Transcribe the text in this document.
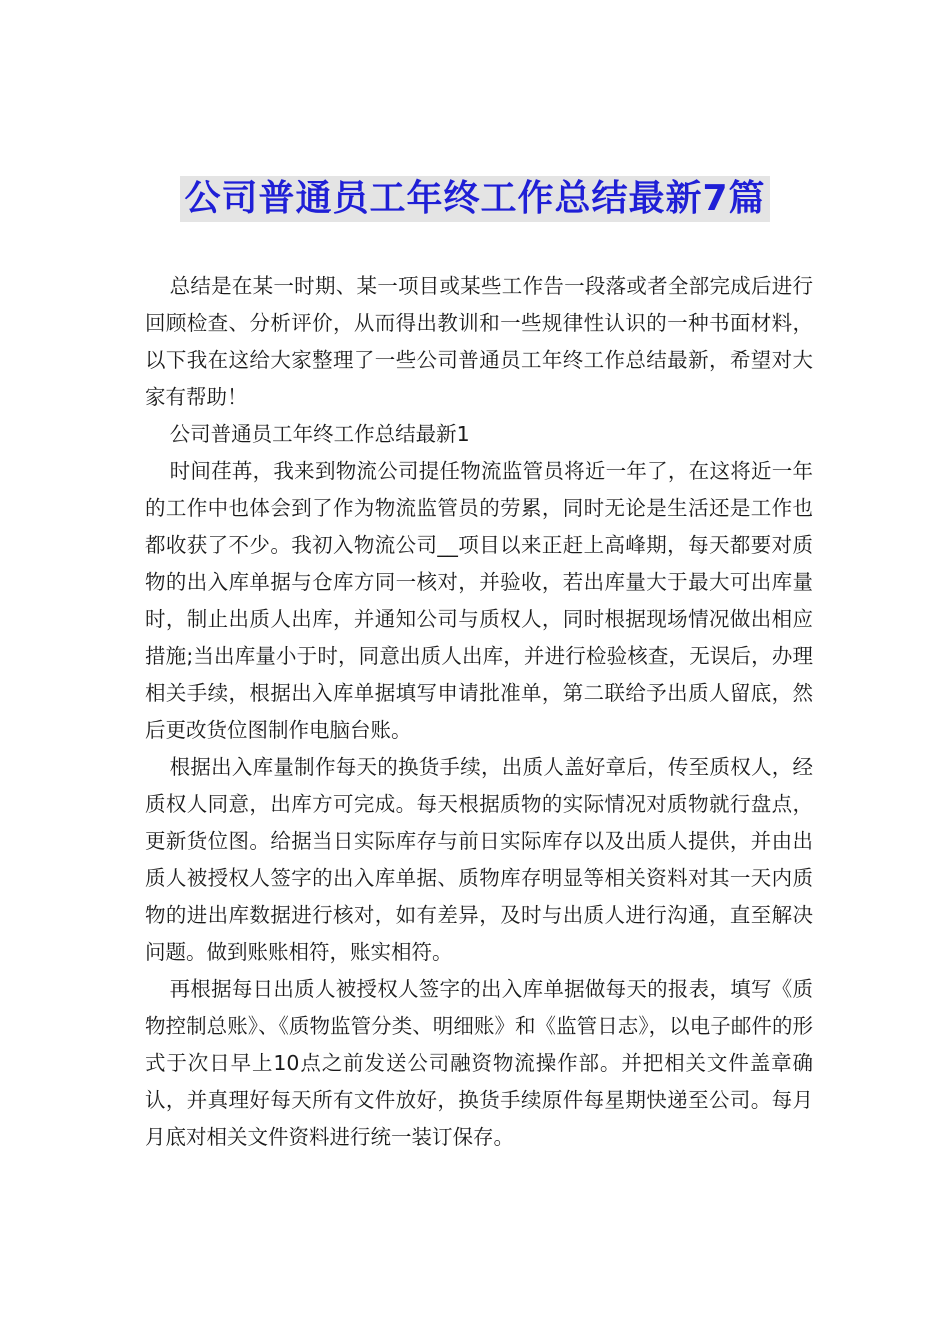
公司普通员工年终工作总结最新7篇

总结是在某一时期、某一项目或某些工作告一段落或者全部完成后进行回顾检查、分析评价，从而得出教训和一些规律性认识的一种书面材料，以下我在这给大家整理了一些公司普通员工年终工作总结最新，希望对大家有帮助！

公司普通员工年终工作总结最新1

时间荏苒，我来到物流公司提任物流监管员将近一年了，在这将近一年的工作中也体会到了作为物流监管员的劳累，同时无论是生活还是工作也都收获了不少。我初入物流公司__项目以来正赶上高峰期，每天都要对质物的出入库单据与仓库方同一核对，并验收，若出库量大于最大可出库量时，制止出质人出库，并通知公司与质权人，同时根据现场情况做出相应措施;当出库量小于时，同意出质人出库，并进行检验核查，无误后，办理相关手续，根据出入库单据填写申请批准单，第二联给予出质人留底，然后更改货位图制作电脑台账。

根据出入库量制作每天的换货手续，出质人盖好章后，传至质权人，经质权人同意，出库方可完成。每天根据质物的实际情况对质物就行盘点，更新货位图。给据当日实际库存与前日实际库存以及出质人提供，并由出质人被授权人签字的出入库单据、质物库存明显等相关资料对其一天内质物的进出库数据进行核对，如有差异，及时与出质人进行沟通，直至解决问题。做到账账相符，账实相符。

再根据每日出质人被授权人签字的出入库单据做每天的报表，填写《质物控制总账》、《质物监管分类、明细账》和《监管日志》，以电子邮件的形式于次日早上10点之前发送公司融资物流操作部。并把相关文件盖章确认，并真理好每天所有文件放好，换货手续原件每星期快递至公司。每月月底对相关文件资料进行统一装订保存。
